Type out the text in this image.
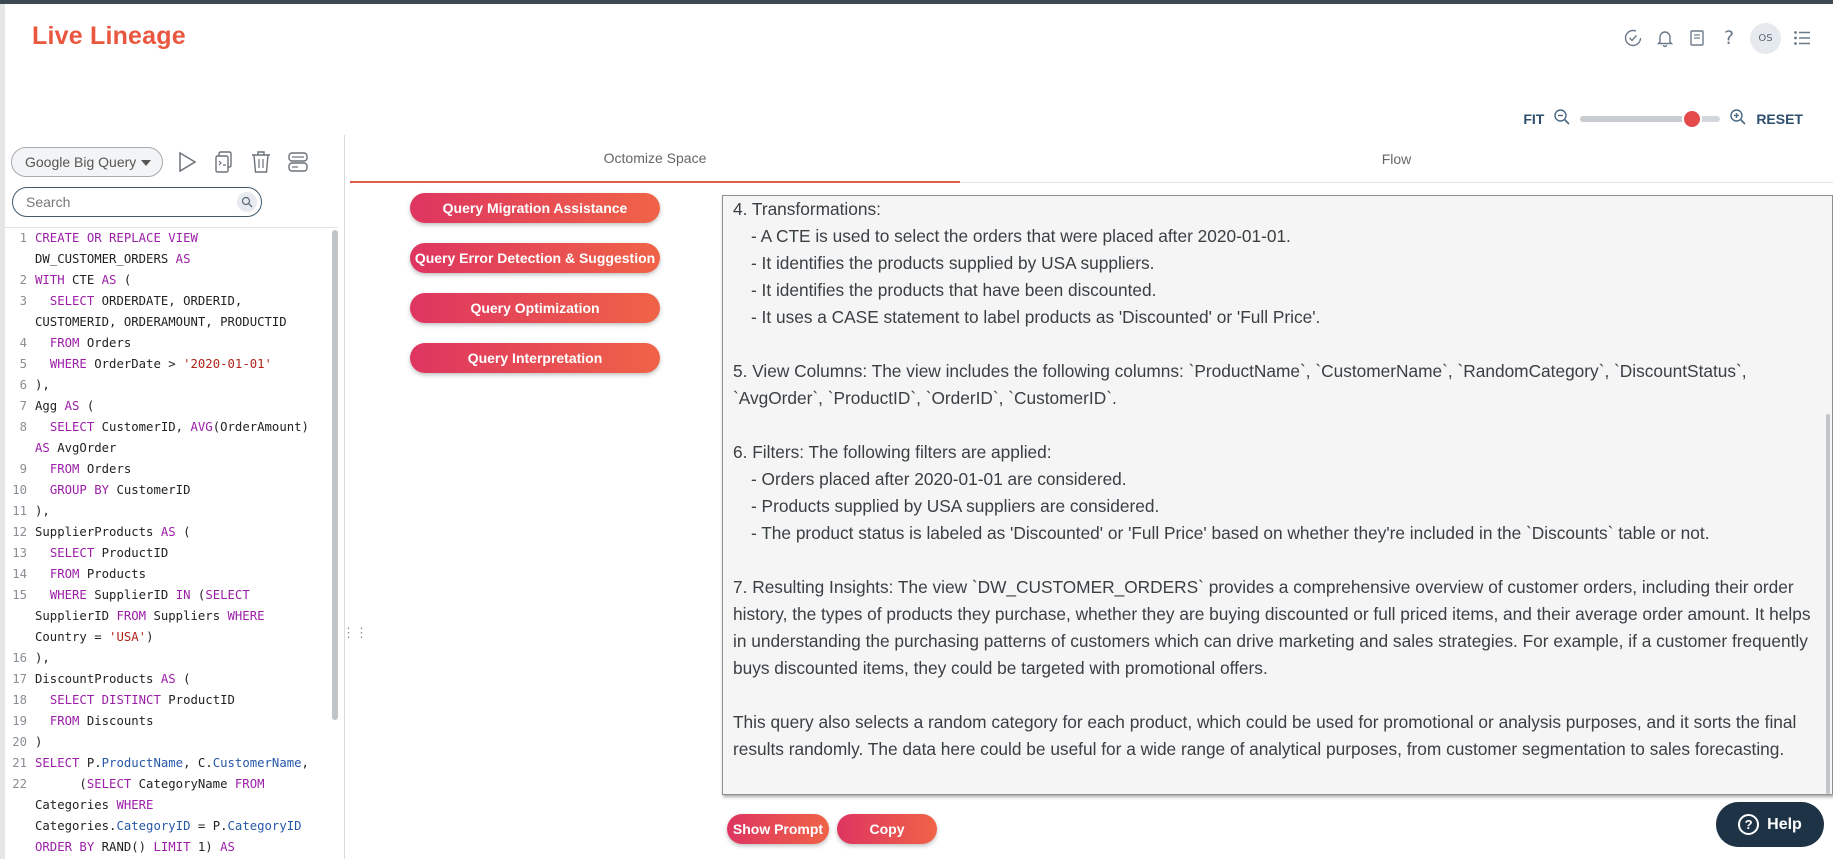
Live Lineage	?	OS
FIT	RESET
Google Big Query
Search
1 CREATE OR REPLACE VIEW
DW_CUSTOMER_ORDERS AS
2 WITH CTE AS (
3	SELECT ORDERDATE, ORDERID,
CUSTOMERID, ORDERAMOUNT, PRODUCTID
4	FROM Orders
5	WHERE OrderDate > '2020-01-01'
6 ),
7 Agg AS (
8	SELECT CustomerID, AVG(OrderAmount)
AS AvgOrder
9	FROM Orders
10	GROUP BY CustomerID
11 ),
12 SupplierProducts AS (
13	SELECT ProductID
14	FROM Products
15	WHERE SupplierID IN (SELECT
SupplierID FROM Suppliers WHERE
Country = 'USA')
16 ),
17 DiscountProducts AS (
18	SELECT DISTINCT ProductID
19	FROM Discounts
20 )
21 SELECT P.ProductName, C.CustomerName,
22 (SELECT CategoryName FROM
Categories WHERE
Categories.CategoryID = P.CategoryID
ORDER BY RAND() LIMIT 1) AS
⋮⋮
Octomize Space	Flow
Query Migration Assistance
Query Error Detection & Suggestion
Query Optimization
Query Interpretation
4. Transformations:
- A CTE is used to select the orders that were placed after 2020-01-01.
- It identifies the products supplied by USA suppliers.
- It identifies the products that have been discounted.
- It uses a CASE statement to label products as 'Discounted' or 'Full Price'.
5. View Columns: The view includes the following columns: `ProductName`, `CustomerName`, `RandomCategory`, `DiscountStatus`, `AvgOrder`, `ProductID`, `OrderID`, `CustomerID`.
6. Filters: The following filters are applied:
- Orders placed after 2020-01-01 are considered.
- Products supplied by USA suppliers are considered.
- The product status is labeled as 'Discounted' or 'Full Price' based on whether they're included in the `Discounts` table or not.
7. Resulting Insights: The view `DW_CUSTOMER_ORDERS` provides a comprehensive overview of customer orders, including their order history, the types of products they purchase, whether they are buying discounted or full priced items, and their average order amount. It helps in understanding the purchasing patterns of customers which can drive marketing and sales strategies. For example, if a customer frequently buys discounted items, they could be targeted with promotional offers.
This query also selects a random category for each product, which could be used for promotional or analysis purposes, and it sorts the final results randomly. The data here could be useful for a wide range of analytical purposes, from customer segmentation to sales forecasting.
Show Prompt	Copy	? Help
